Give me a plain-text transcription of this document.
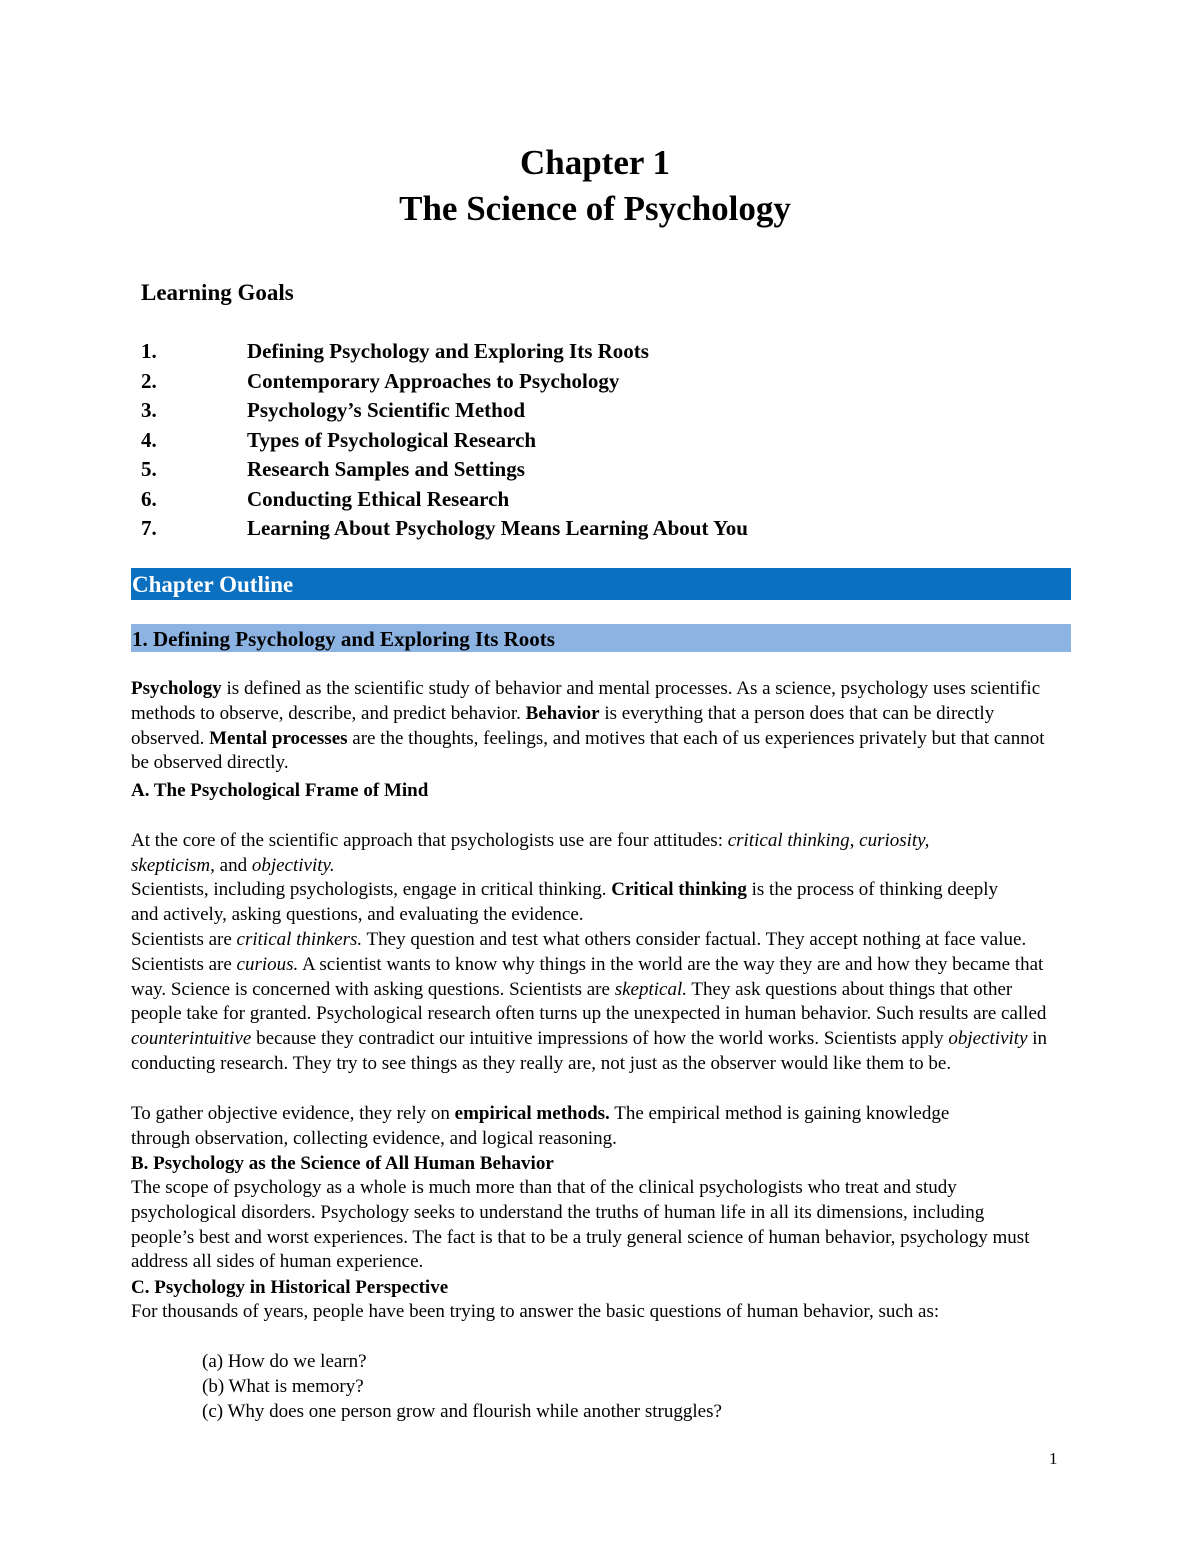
Chapter 1
The Science of Psychology
Learning Goals
1.	Defining Psychology and Exploring Its Roots
2.	Contemporary Approaches to Psychology
3.	Psychology’s Scientific Method
4.	Types of Psychological Research
5.	Research Samples and Settings
6.	Conducting Ethical Research
7.	Learning About Psychology Means Learning About You
Chapter Outline
1. Defining Psychology and Exploring Its Roots

Psychology is defined as the scientific study of behavior and mental processes. As a science, psychology uses scientific methods to observe, describe, and predict behavior. Behavior is everything that a person does that can be directly observed. Mental processes are the thoughts, feelings, and motives that each of us experiences privately but that cannot be observed directly.

A. The Psychological Frame of Mind

At the core of the scientific approach that psychologists use are four attitudes: critical thinking, curiosity, skepticism, and objectivity.

Scientists, including psychologists, engage in critical thinking. Critical thinking is the process of thinking deeply and actively, asking questions, and evaluating the evidence.

Scientists are critical thinkers. They question and test what others consider factual. They accept nothing at face value. Scientists are curious. A scientist wants to know why things in the world are the way they are and how they became that way. Science is concerned with asking questions. Scientists are skeptical. They ask questions about things that other people take for granted. Psychological research often turns up the unexpected in human behavior. Such results are called counterintuitive because they contradict our intuitive impressions of how the world works. Scientists apply objectivity in conducting research. They try to see things as they really are, not just as the observer would like them to be.

To gather objective evidence, they rely on empirical methods. The empirical method is gaining knowledge through observation, collecting evidence, and logical reasoning.

B. Psychology as the Science of All Human Behavior

The scope of psychology as a whole is much more than that of the clinical psychologists who treat and study psychological disorders. Psychology seeks to understand the truths of human life in all its dimensions, including people’s best and worst experiences. The fact is that to be a truly general science of human behavior, psychology must address all sides of human experience.

C. Psychology in Historical Perspective

For thousands of years, people have been trying to answer the basic questions of human behavior, such as:

(a) How do we learn?
(b) What is memory?
(c) Why does one person grow and flourish while another struggles?
1
